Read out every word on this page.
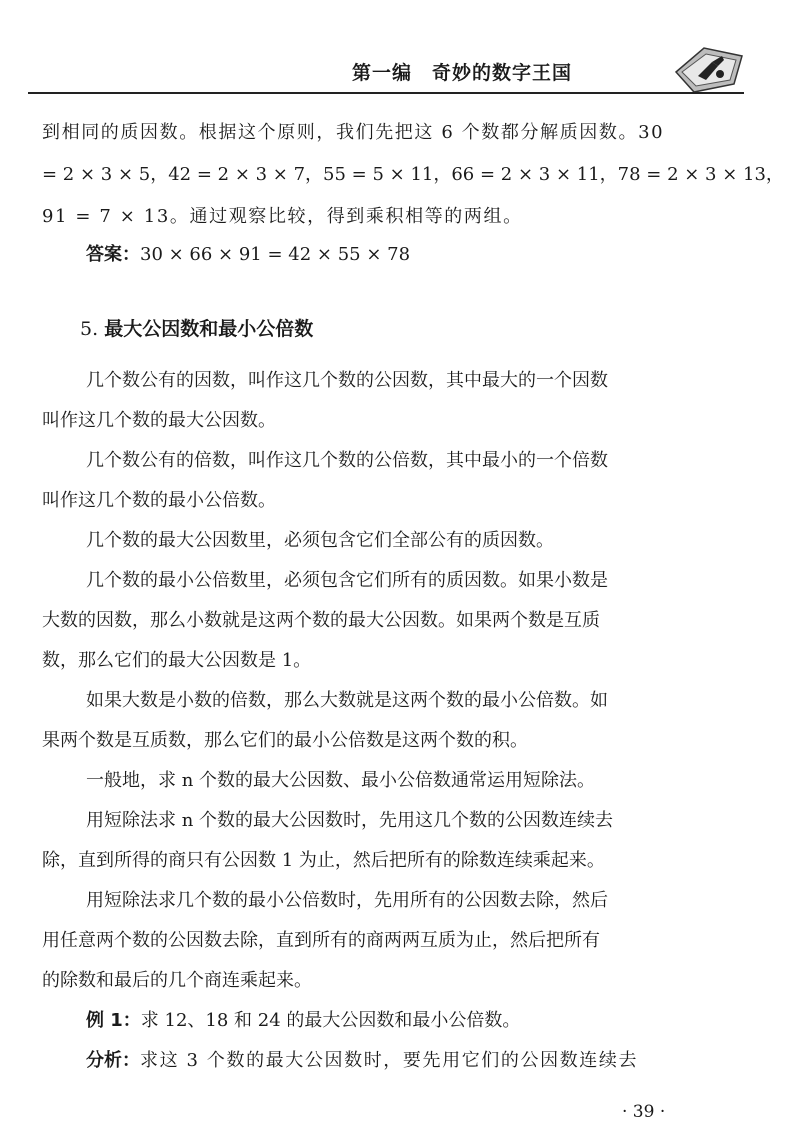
第一编　奇妙的数字王国
到相同的质因数。根据这个原则，我们先把这 6 个数都分解质因数。30
= 2 × 3 × 5，42 = 2 × 3 × 7，55 = 5 × 11，66 = 2 × 3 × 11，78 = 2 × 3 × 13，
91 = 7 × 13。通过观察比较，得到乘积相等的两组。
答案：30 × 66 × 91 = 42 × 55 × 78
5. 最大公因数和最小公倍数
几个数公有的因数，叫作这几个数的公因数，其中最大的一个因数
叫作这几个数的最大公因数。
几个数公有的倍数，叫作这几个数的公倍数，其中最小的一个倍数
叫作这几个数的最小公倍数。
几个数的最大公因数里，必须包含它们全部公有的质因数。
几个数的最小公倍数里，必须包含它们所有的质因数。如果小数是
大数的因数，那么小数就是这两个数的最大公因数。如果两个数是互质
数，那么它们的最大公因数是 1。
如果大数是小数的倍数，那么大数就是这两个数的最小公倍数。如
果两个数是互质数，那么它们的最小公倍数是这两个数的积。
一般地，求 n 个数的最大公因数、最小公倍数通常运用短除法。
用短除法求 n 个数的最大公因数时，先用这几个数的公因数连续去
除，直到所得的商只有公因数 1 为止，然后把所有的除数连续乘起来。
用短除法求几个数的最小公倍数时，先用所有的公因数去除，然后
用任意两个数的公因数去除，直到所有的商两两互质为止，然后把所有
的除数和最后的几个商连乘起来。
例 1：求 12、18 和 24 的最大公因数和最小公倍数。
分析：求这 3 个数的最大公因数时，要先用它们的公因数连续去
· 39 ·
